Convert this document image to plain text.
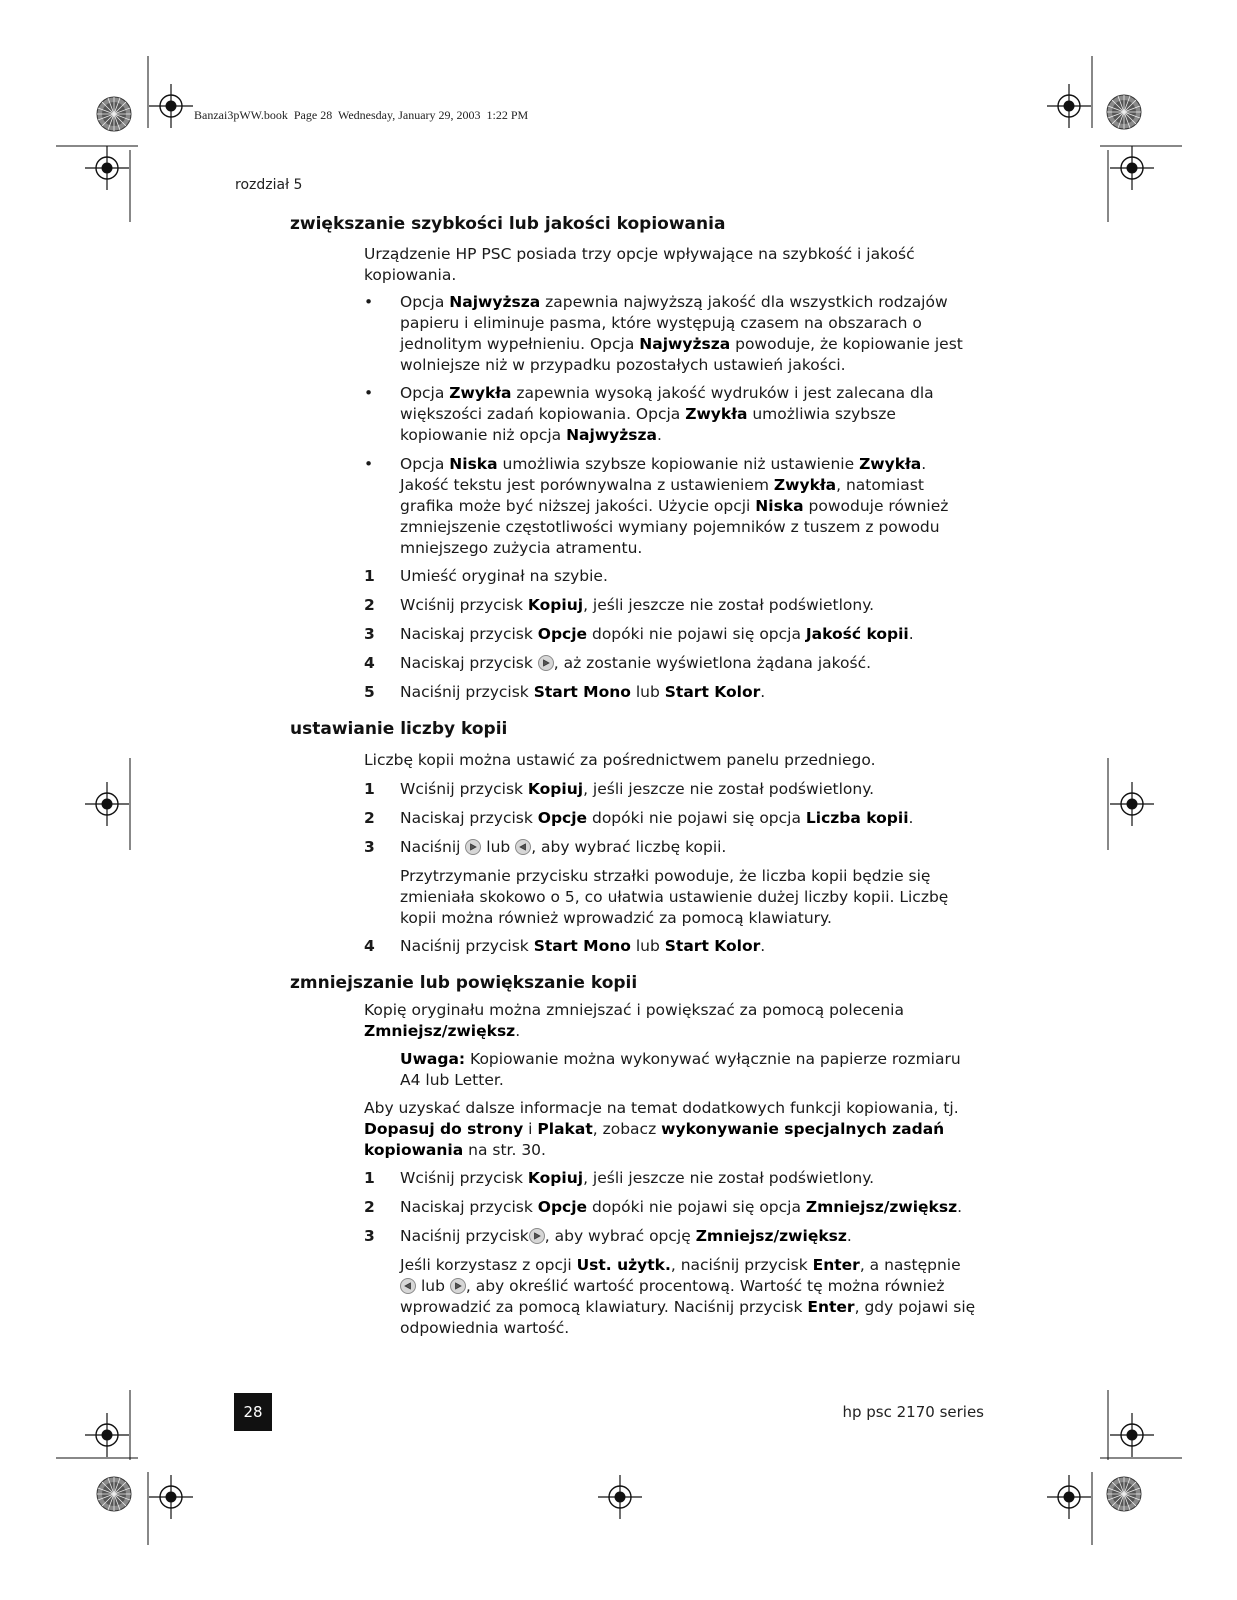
Banzai3pWW.book  Page 28  Wednesday, January 29, 2003  1:22 PM
rozdział 5
zwiększanie szybkości lub jakości kopiowania

Urządzenie HP PSC posiada trzy opcje wpływające na szybkość i jakość kopiowania.

•	Opcja Najwyższa zapewnia najwyższą jakość dla wszystkich rodzajów papieru i eliminuje pasma, które występują czasem na obszarach o jednolitym wypełnieniu. Opcja Najwyższa powoduje, że kopiowanie jest wolniejsze niż w przypadku pozostałych ustawień jakości.
•	Opcja Zwykła zapewnia wysoką jakość wydruków i jest zalecana dla większości zadań kopiowania. Opcja Zwykła umożliwia szybsze kopiowanie niż opcja Najwyższa.
•	Opcja Niska umożliwia szybsze kopiowanie niż ustawienie Zwykła. Jakość tekstu jest porównywalna z ustawieniem Zwykła, natomiast grafika może być niższej jakości. Użycie opcji Niska powoduje również zmniejszenie częstotliwości wymiany pojemników z tuszem z powodu mniejszego zużycia atramentu.
1	Umieść oryginał na szybie.
2	Wciśnij przycisk Kopiuj, jeśli jeszcze nie został podświetlony.
3	Naciskaj przycisk Opcje dopóki nie pojawi się opcja Jakość kopii.
4	Naciskaj przycisk
, aż zostanie wyświetlona żądana jakość.
5	Naciśnij przycisk Start Mono lub Start Kolor.
ustawianie liczby kopii

Liczbę kopii można ustawić za pośrednictwem panelu przedniego.

1	Wciśnij przycisk Kopiuj, jeśli jeszcze nie został podświetlony.
2	Naciskaj przycisk Opcje dopóki nie pojawi się opcja Liczba kopii.
3	Naciśnij
lub
, aby wybrać liczbę kopii.
Przytrzymanie przycisku strzałki powoduje, że liczba kopii będzie się zmieniała skokowo o 5, co ułatwia ustawienie dużej liczby kopii. Liczbę kopii można również wprowadzić za pomocą klawiatury.
4	Naciśnij przycisk Start Mono lub Start Kolor.
zmniejszanie lub powiększanie kopii

Kopię oryginału można zmniejszać i powiększać za pomocą polecenia Zmniejsz/zwiększ.

Uwaga: Kopiowanie można wykonywać wyłącznie na papierze rozmiaru A4 lub Letter.

Aby uzyskać dalsze informacje na temat dodatkowych funkcji kopiowania, tj. Dopasuj do strony i Plakat, zobacz wykonywanie specjalnych zadań kopiowania na str. 30.

1	Wciśnij przycisk Kopiuj, jeśli jeszcze nie został podświetlony.
2	Naciskaj przycisk Opcje dopóki nie pojawi się opcja Zmniejsz/zwiększ.
3	Naciśnij przycisk , aby wybrać opcję Zmniejsz/zwiększ.
Jeśli korzystasz z opcji Ust. użytk., naciśnij przycisk Enter, a następnie
lub
, aby określić wartość procentową. Wartość tę można również wprowadzić za pomocą klawiatury. Naciśnij przycisk Enter, gdy pojawi się odpowiednia wartość.
28	hp psc 2170 series
